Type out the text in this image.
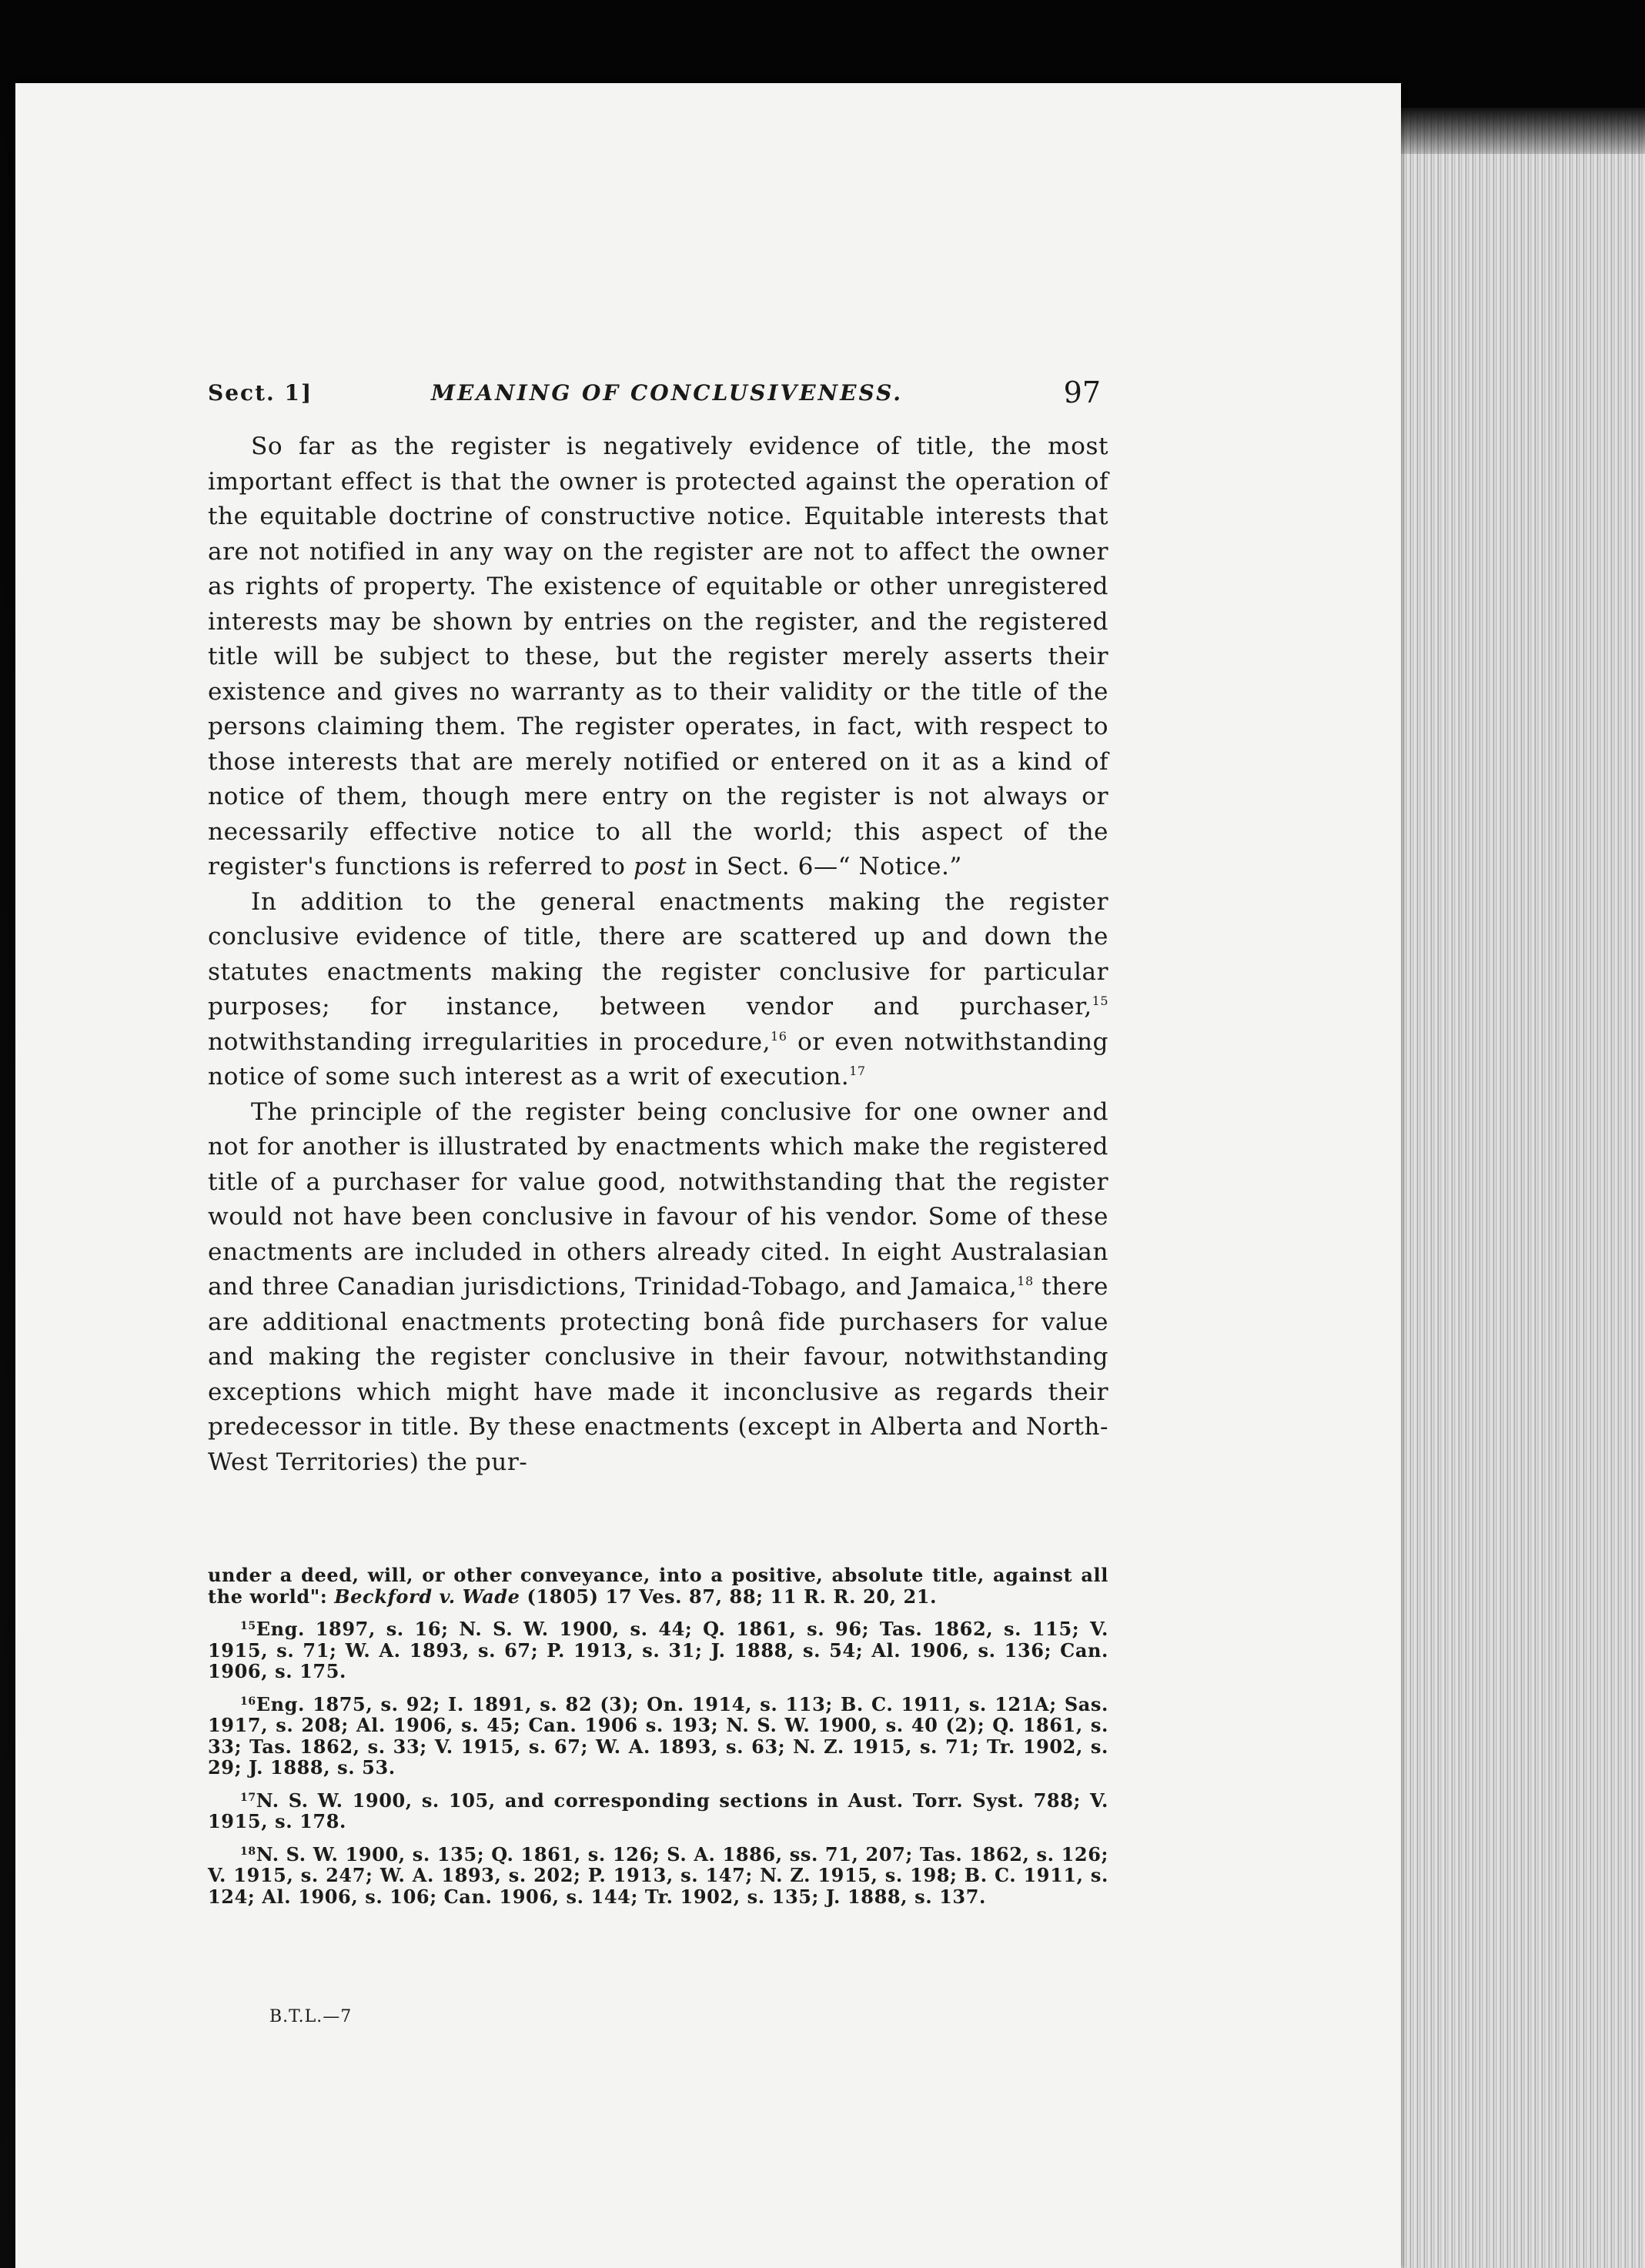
Sect. 1]	MEANING OF CONCLUSIVENESS.	97

So far as the register is negatively evidence of title, the most important effect is that the owner is protected against the operation of the equitable doctrine of constructive notice. Equitable interests that are not notified in any way on the register are not to affect the owner as rights of property. The existence of equitable or other unregistered interests may be shown by entries on the register, and the registered title will be subject to these, but the register merely asserts their existence and gives no warranty as to their validity or the title of the persons claiming them. The register operates, in fact, with respect to those interests that are merely notified or entered on it as a kind of notice of them, though mere entry on the register is not always or necessarily effective notice to all the world; this aspect of the register's functions is referred to post in Sect. 6—“ Notice.”

In addition to the general enactments making the register conclusive evidence of title, there are scattered up and down the statutes enactments making the register conclusive for particular purposes; for instance, between vendor and purchaser,$^{15}$ notwithstanding irregularities in procedure,$^{16}$ or even notwithstanding notice of some such interest as a writ of execution.$^{17}$

The principle of the register being conclusive for one owner and not for another is illustrated by enactments which make the registered title of a purchaser for value good, notwithstanding that the register would not have been conclusive in favour of his vendor. Some of these enactments are included in others already cited. In eight Australasian and three Canadian jurisdictions, Trinidad-Tobago, and Jamaica,$^{18}$ there are additional enactments protecting bonâ fide purchasers for value and making the register conclusive in their favour, notwithstanding exceptions which might have made it inconclusive as regards their predecessor in title. By these enactments (except in Alberta and North-West Territories) the pur-

under a deed, will, or other conveyance, into a positive, absolute title, against all the world": Beckford v. Wade (1805) 17 Ves. 87, 88; 11 R. R. 20, 21.

$^{15}$Eng. 1897, s. 16; N. S. W. 1900, s. 44; Q. 1861, s. 96; Tas. 1862, s. 115; V. 1915, s. 71; W. A. 1893, s. 67; P. 1913, s. 31; J. 1888, s. 54; Al. 1906, s. 136; Can. 1906, s. 175.

$^{16}$Eng. 1875, s. 92; I. 1891, s. 82 (3); On. 1914, s. 113; B. C. 1911, s. 121A; Sas. 1917, s. 208; Al. 1906, s. 45; Can. 1906 s. 193; N. S. W. 1900, s. 40 (2); Q. 1861, s. 33; Tas. 1862, s. 33; V. 1915, s. 67; W. A. 1893, s. 63; N. Z. 1915, s. 71; Tr. 1902, s. 29; J. 1888, s. 53.

$^{17}$N. S. W. 1900, s. 105, and corresponding sections in Aust. Torr. Syst. 788; V. 1915, s. 178.

$^{18}$N. S. W. 1900, s. 135; Q. 1861, s. 126; S. A. 1886, ss. 71, 207; Tas. 1862, s. 126; V. 1915, s. 247; W. A. 1893, s. 202; P. 1913, s. 147; N. Z. 1915, s. 198; B. C. 1911, s. 124; Al. 1906, s. 106; Can. 1906, s. 144; Tr. 1902, s. 135; J. 1888, s. 137.

B.T.L.—7
